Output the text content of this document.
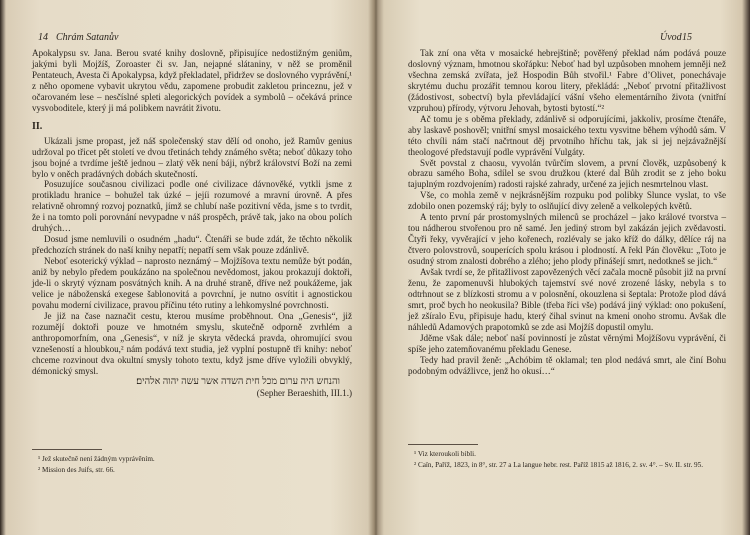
14 Chrám Satanův

Apokalypsu sv. Jana. Berou svaté knihy doslovně, připisujíce nedostižným geniům, jakými byli Mojžíš, Zoroaster či sv. Jan, nejapné slátaniny, v něž se proměnil Pentateuch, Avesta či Apokalypsa, když překladatel, přidržev se doslovného vyprávění,¹ z něho opomene vybavit ukrytou vědu, zapomene probudit zakletou princeznu, jež v očarovaném lese – nesčíslné spleti alegorických povídek a symbolů – očekává prince vysvoboditele, který ji má polibkem navrátit životu.

II.

Ukázali jsme propast, jež náš společenský stav dělí od onoho, jež Ramův genius udržoval po třicet pět století ve dvou třetinách tehdy známého světa; neboť důkazy toho jsou bojné a tvrdíme ještě jednou – zlatý věk není báji, nýbrž království Boží na zemi bylo v oněch pradávných dobách skutečností.

Posuzujíce současnou civilizaci podle oné civilizace dávnověké, vytkli jsme z protikladu hranice – bohužel tak úzké – jejíi rozumové a mravní úrovně. A přes relativně ohromný rozvoj poznatků, jímž se chlubí naše pozitivní věda, jsme s to tvrdit, že i na tomto poli porovnání nevypadne v náš prospěch, právě tak, jako na obou polích druhých…

Dosud jsme nemluvili o osudném „hadu“. Čtenáři se bude zdát, že těchto několik předchozích stránek do naší knihy nepatří; nepatří sem však pouze zdánlivě.

Neboť esoterický výklad – naprosto neznámý – Mojžíšova textu nemůže být podán, aniž by nebylo předem poukázáno na společnou nevědomost, jakou prokazují doktoři, jde-li o skrytý význam posvátných knih. A na druhé straně, dříve než poukážeme, jak velice je náboženská exegese šablonovitá a povrchní, je nutno osvítit i agnostickou povahu moderní civilizace, pravou příčinu této rutiny a lehkomyslné povrchnosti.

Je již na čase naznačit cestu, kterou musíme proběhnout. Ona „Genesis“, již rozumějí doktoři pouze ve hmotném smyslu, skutečně odporně zvrhlém a anthropomorfním, ona „Genesis“, v níž je skryta vědecká pravda, ohromující svou vznešeností a hloubkou,² nám podává text studia, jež vyplní postupně tři knihy: neboť chceme rozvinout dva okultní smysly tohoto textu, když jsme dříve vyložili obvyklý, démonický smysl.

והנחש היה ערום מכל חית השדה אשר עשה יהוה אלהים׃

(Sepher Beraeshith, III.1.)

¹ Jež skutečně není žádným vyprávěním.
² Mission des Juifs, str. 66.
Úvod 15

Tak zní ona věta v mosaické hebrejštině; pověřený překlad nám podává pouze doslovný význam, hmotnou skořápku: Neboť had byl uzpůsoben mnohem jemněji než všechna zemská zvířata, jež Hospodin Bůh stvořil.¹ Fabre d’Olivet, ponechávaje skrytému duchu prozářit temnou korou litery, překládá: „Neboť prvotní přitažlivost (žádostivost, sobectví) byla převládající vášní všeho elementárního života (vnitřní vzpruhou) přírody, výtvoru Jehovah, bytosti bytostí.“²

Ač tomu je s oběma překlady, zdánlivě si odporujícími, jakkoliv, prosíme čtenáře, aby laskavě poshověl; vnitřní smysl mosaického textu vysvitne během výhodů sám. V této chvíli nám stačí načrtnout děj prvotního hříchu tak, jak si jej nejzávažnější theologové představují podle vyprávění Vulgáty.

Svět povstal z chaosu, vyvolán tvůrčím slovem, a první člověk, uzpůsobený k obrazu samého Boha, sdílel se svou družkou (které dal Bůh zrodit se z jeho boku tajuplným rozdvojením) radosti rajské zahrady, určené za jejich nesmrtelnou vlast.

Vše, co mohla země v nejkrásnějším rozpuku pod polibky Slunce vyslat, to vše zdobilo onen pozemský ráj; byly to oslňující divy zeleně a velkolepých květů.

A tento první pár prostomyslných milenců se procházel – jako králové tvorstva – tou nádherou stvořenou pro ně samé. Jen jediný strom byl zakázán jejich zvědavosti. Čtyři řeky, vyvěrající v jeho kořenech, rozlévaly se jako kříž do dálky, dělíce ráj na čtvero polovstrovů, souperících spolu krásou i plodností. A řekl Pán člověku: „Toto je osudný strom znalosti dobrého a zlého; jeho plody přinášejí smrt, nedotkneš se jich.“

Avšak tvrdí se, že přitažlivost zapovězených věcí začala mocně působit již na první ženu, že zapomenuvši hlubokých tajemství své nové zrozené lásky, nebyla s to odtrhnout se z blízkosti stromu a v polosnění, okouzlena si šeptala: Protože plod dává smrt, proč bych ho neokusila? Bible (třeba říci vše) podává jiný výklad: ono pokušení, jež zšíralo Evu, připisuje hadu, který čihal svinut na kmeni onoho stromu. Avšak dle náhledů Adamových prapotomků se zde asi Mojžíš dopustil omylu.

Jděme však dále; neboť naší povinností je zůstat věrnými Mojžíšovu vyprávění, či spíše jeho zatemňovanému překladu Genese.

Tedy had pravil ženě: „Achóbim tě oklamal; ten plod nedává smrt, ale činí Bohu podobným odvážlivce, jenž ho okusí…“

¹ Viz kteroukoli bibli.
² Caïn, Paříž, 1823, in 8°, str. 27 a La langue hebr. rest. Paříž 1815 až 1816, 2. sv. 4°. – Sv. II. str. 95.
